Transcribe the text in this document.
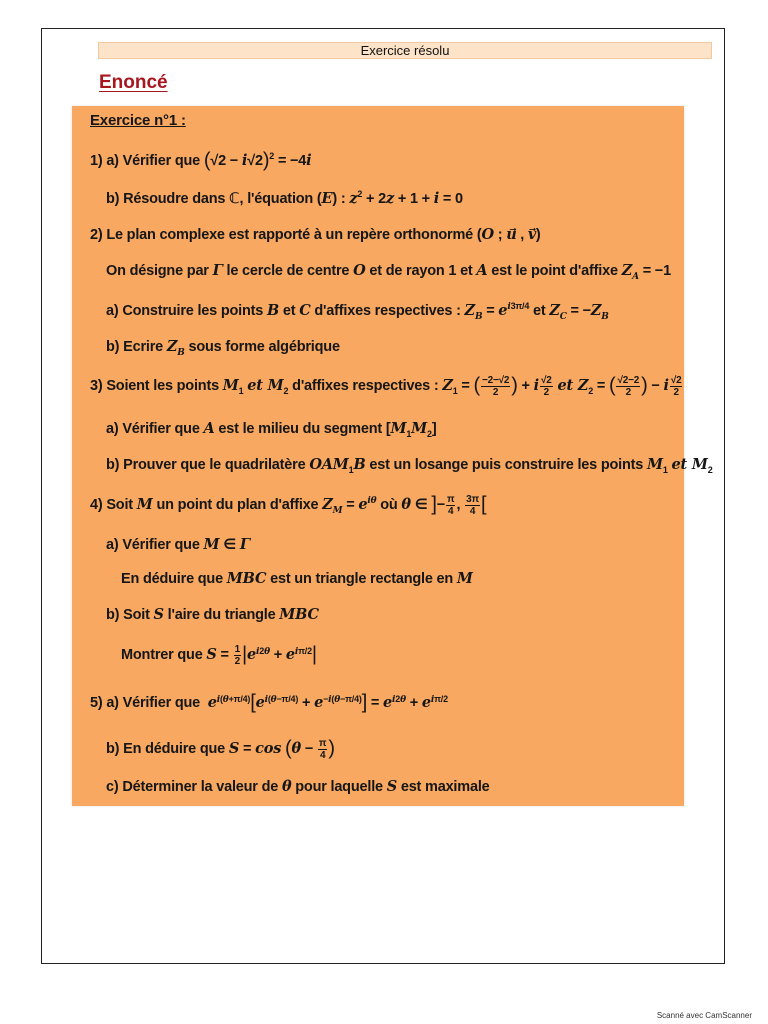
Exercice résolu
Enoncé
Exercice n°1 :
1) a) Vérifier que $(√2 - i√2)^2 = -4i$
b) Résoudre dans ℂ, l'équation (E) : $z^2 + 2z + 1 + i = 0$
2) Le plan complexe est rapporté à un repère orthonormé (O ; u⃗ , v⃗)
On désigne par Γ le cercle de centre O et de rayon 1 et A est le point d'affixe $Z_A = -1$
a) Construire les points B et C d'affixes respectives : $Z_B = e^{i3\pi/4}$ et $Z_C = -Z_B$
b) Ecrire $Z_B$ sous forme algébrique
3) Soient les points $M_1$ et $M_2$ d'affixes respectives : $Z_1$ = ( $\frac{-2-√2}{2}$ ) + i $\frac{√2}{2}$ et $Z_2$ = ( $\frac{√2-2}{2}$ ) − i $\frac{√2}{2}$
a) Vérifier que A est le milieu du segment $[M_1M_2]$
b) Prouver que le quadrilatère $OAM_1B$ est un losange puis construire les points $M_1$ et $M_2$
4) Soit M un point du plan d'affixe $Z_M = e^{i\theta}$ où θ ∈ ]− $\frac{\pi}{4}$ , $\frac{3\pi}{4}$ [
a) Vérifier que M ∈ Γ
En déduire que MBC est un triangle rectangle en M
b) Soit S l'aire du triangle MBC
Montrer que $S = \frac{1}{2} |e^{i2\theta} + e^{i\pi/2}|$
5) a) Vérifier que  $e^{i(\theta+\pi/4)}[e^{i(\theta-\pi/4)} + e^{-i(\theta-\pi/4)}] = e^{i2\theta} + e^{i\pi/2}$
b) En déduire que $S = \cos (\theta - \frac{\pi}{4}$ )
c) Déterminer la valeur de θ pour laquelle S est maximale
Scanné avec CamScanner
